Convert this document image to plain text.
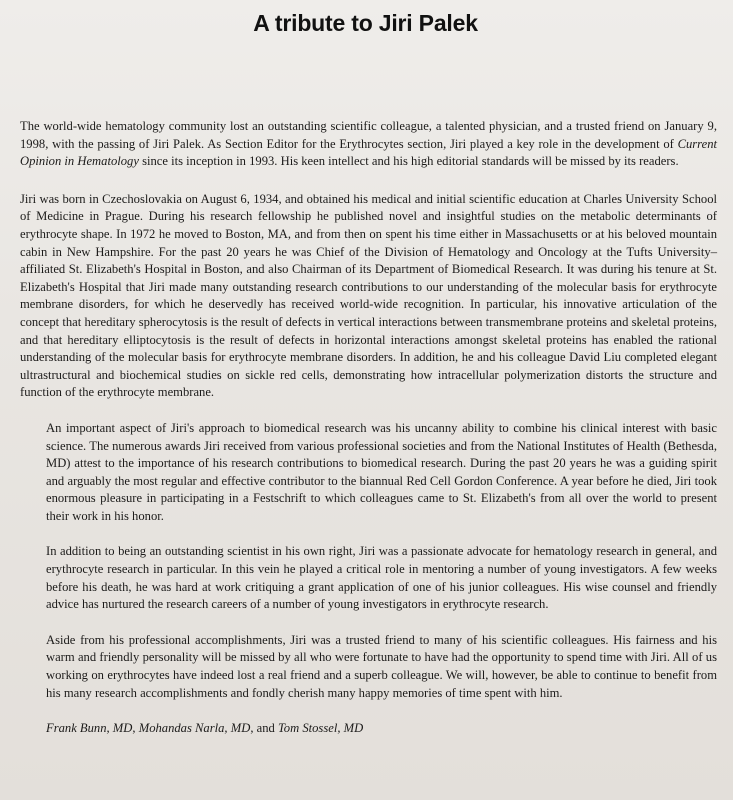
A tribute to Jiri Palek

The world-wide hematology community lost an outstanding scientific colleague, a talented physician, and a trusted friend on January 9, 1998, with the passing of Jiri Palek. As Section Editor for the Erythrocytes section, Jiri played a key role in the development of Current Opinion in Hematology since its inception in 1993. His keen intellect and his high editorial standards will be missed by its readers.

Jiri was born in Czechoslovakia on August 6, 1934, and obtained his medical and initial scientific education at Charles University School of Medicine in Prague. During his research fellowship he published novel and insightful studies on the metabolic determinants of erythrocyte shape. In 1972 he moved to Boston, MA, and from then on spent his time either in Massachusetts or at his beloved mountain cabin in New Hampshire. For the past 20 years he was Chief of the Division of Hematology and Oncology at the Tufts University–affiliated St. Elizabeth's Hospital in Boston, and also Chairman of its Department of Biomedical Research. It was during his tenure at St. Elizabeth's Hospital that Jiri made many outstanding research contributions to our understanding of the molecular basis for erythrocyte membrane disorders, for which he deservedly has received world-wide recognition. In particular, his innovative articulation of the concept that hereditary spherocytosis is the result of defects in vertical interactions between transmembrane proteins and skeletal proteins, and that hereditary elliptocytosis is the result of defects in horizontal interactions amongst skeletal proteins has enabled the rational understanding of the molecular basis for erythrocyte membrane disorders. In addition, he and his colleague David Liu completed elegant ultrastructural and biochemical studies on sickle red cells, demonstrating how intracellular polymerization distorts the structure and function of the erythrocyte membrane.

An important aspect of Jiri's approach to biomedical research was his uncanny ability to combine his clinical interest with basic science. The numerous awards Jiri received from various professional societies and from the National Institutes of Health (Bethesda, MD) attest to the importance of his research contributions to biomedical research. During the past 20 years he was a guiding spirit and arguably the most regular and effective contributor to the biannual Red Cell Gordon Conference. A year before he died, Jiri took enormous pleasure in participating in a Festschrift to which colleagues came to St. Elizabeth's from all over the world to present their work in his honor.

In addition to being an outstanding scientist in his own right, Jiri was a passionate advocate for hematology research in general, and erythrocyte research in particular. In this vein he played a critical role in mentoring a number of young investigators. A few weeks before his death, he was hard at work critiquing a grant application of one of his junior colleagues. His wise counsel and friendly advice has nurtured the research careers of a number of young investigators in erythrocyte research.

Aside from his professional accomplishments, Jiri was a trusted friend to many of his scientific colleagues. His fairness and his warm and friendly personality will be missed by all who were fortunate to have had the opportunity to spend time with Jiri. All of us working on erythrocytes have indeed lost a real friend and a superb colleague. We will, however, be able to continue to benefit from his many research accomplishments and fondly cherish many happy memories of time spent with him.

Frank Bunn, MD, Mohandas Narla, MD, and Tom Stossel, MD
